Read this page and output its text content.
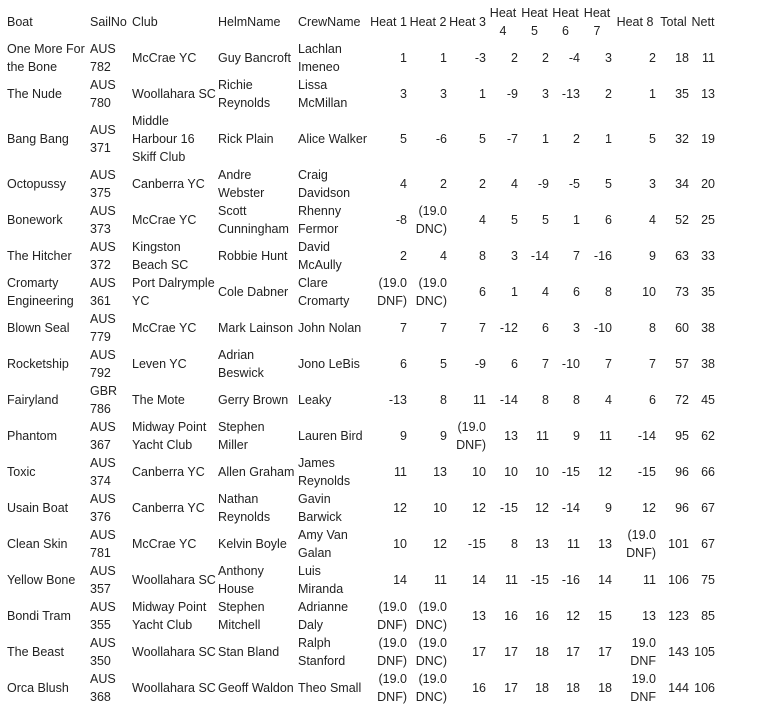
Boat	SailNo	Club	HelmName	CrewName	Heat 1	Heat 2	Heat 3	Heat 4	Heat 5	Heat 6	Heat 7	Heat 8	Total	Nett
One More For the Bone	AUS 782	McCrae YC	Guy Bancroft	Lachlan Imeneo	1	1	-3	2	2	-4	3	2	18	11
The Nude	AUS 780	Woollahara SC	Richie Reynolds	Lissa McMillan	3	3	1	-9	3	-13	2	1	35	13
Bang Bang	AUS 371	Middle Harbour 16 Skiff Club	Rick Plain	Alice Walker	5	-6	5	-7	1	2	1	5	32	19
Octopussy	AUS 375	Canberra YC	Andre Webster	Craig Davidson	4	2	2	4	-9	-5	5	3	34	20
Bonework	AUS 373	McCrae YC	Scott Cunningham	Rhenny Fermor	-8	(19.0 DNC)	4	5	5	1	6	4	52	25
The Hitcher	AUS 372	Kingston Beach SC	Robbie Hunt	David McAully	2	4	8	3	-14	7	-16	9	63	33
Cromarty Engineering	AUS 361	Port Dalrymple YC	Cole Dabner	Clare Cromarty	(19.0 DNF)	(19.0 DNC)	6	1	4	6	8	10	73	35
Blown Seal	AUS 779	McCrae YC	Mark Lainson	John Nolan	7	7	7	-12	6	3	-10	8	60	38
Rocketship	AUS 792	Leven YC	Adrian Beswick	Jono LeBis	6	5	-9	6	7	-10	7	7	57	38
Fairyland	GBR 786	The Mote	Gerry Brown	Leaky	-13	8	11	-14	8	8	4	6	72	45
Phantom	AUS 367	Midway Point Yacht Club	Stephen Miller	Lauren Bird	9	9	(19.0 DNF)	13	11	9	11	-14	95	62
Toxic	AUS 374	Canberra YC	Allen Graham	James Reynolds	11	13	10	10	10	-15	12	-15	96	66
Usain Boat	AUS 376	Canberra YC	Nathan Reynolds	Gavin Barwick	12	10	12	-15	12	-14	9	12	96	67
Clean Skin	AUS 781	McCrae YC	Kelvin Boyle	Amy Van Galan	10	12	-15	8	13	11	13	(19.0 DNF)	101	67
Yellow Bone	AUS 357	Woollahara SC	Anthony House	Luis Miranda	14	11	14	11	-15	-16	14	11	106	75
Bondi Tram	AUS 355	Midway Point Yacht Club	Stephen Mitchell	Adrianne Daly	(19.0 DNF)	(19.0 DNC)	13	16	16	12	15	13	123	85
The Beast	AUS 350	Woollahara SC	Stan Bland	Ralph Stanford	(19.0 DNF)	(19.0 DNC)	17	17	18	17	17	19.0 DNF	143	105
Orca Blush	AUS 368	Woollahara SC	Geoff Waldon	Theo Small	(19.0 DNF)	(19.0 DNC)	16	17	18	18	18	19.0 DNF	144	106
